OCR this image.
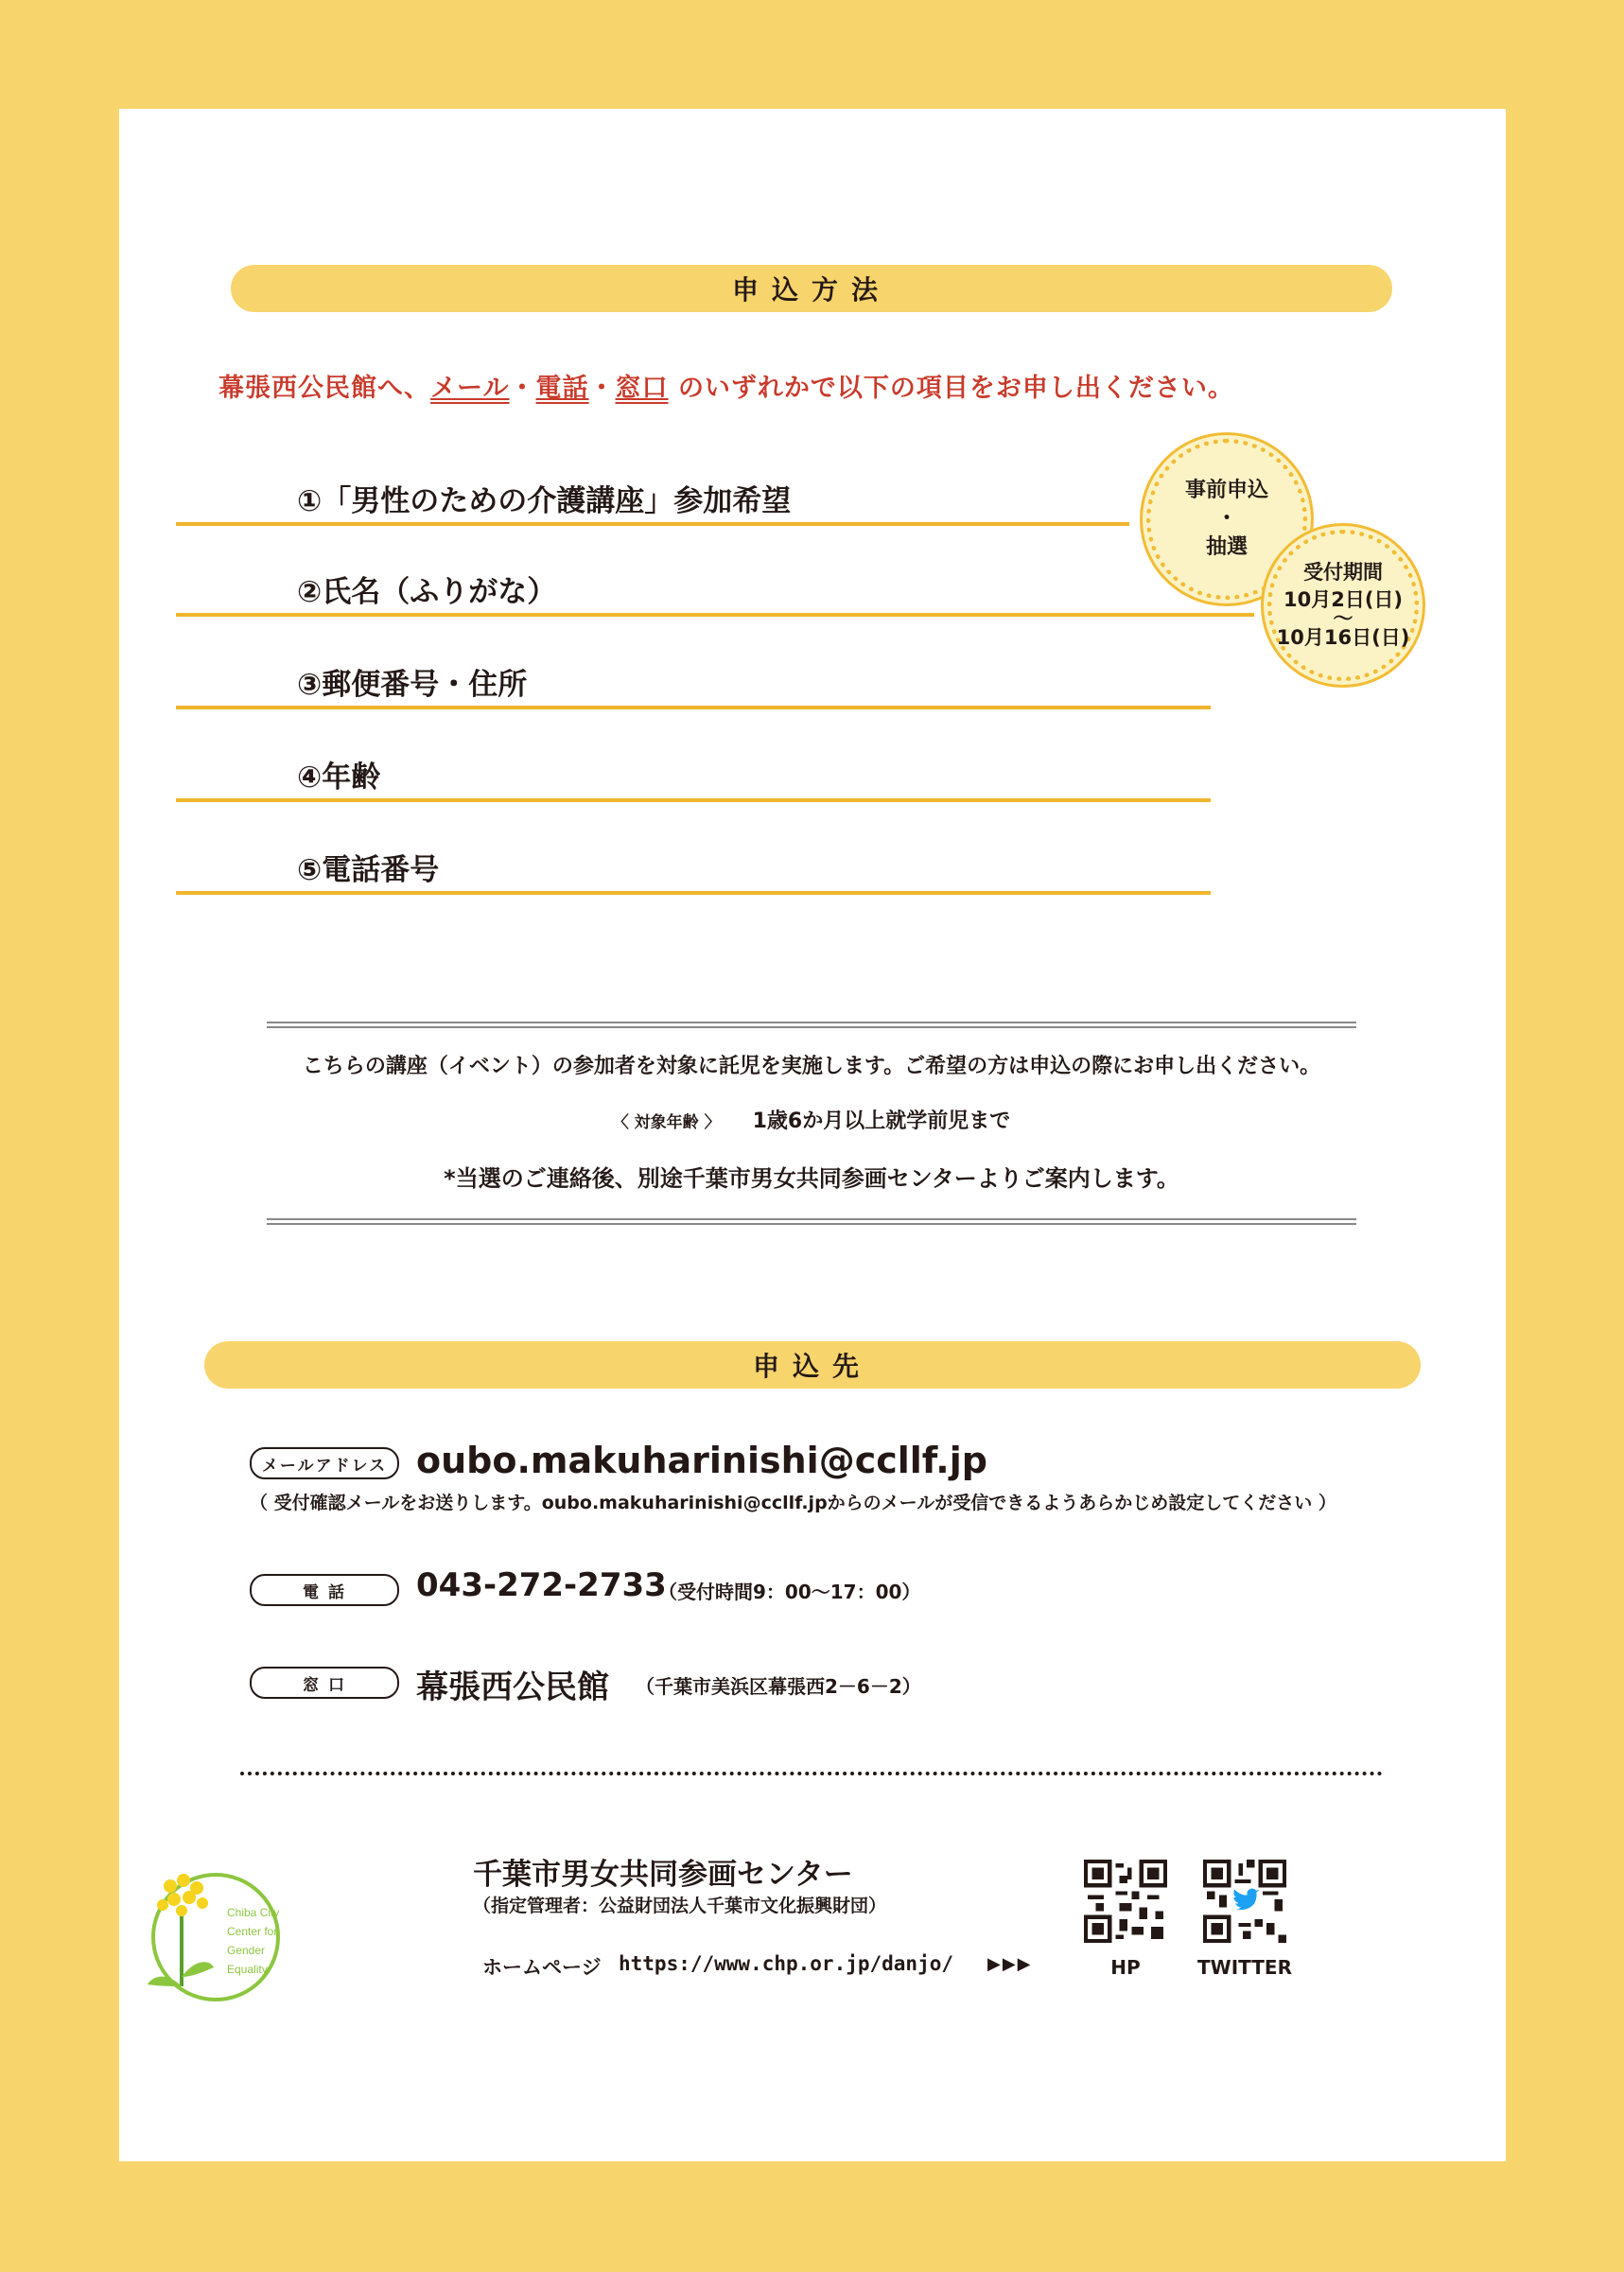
申込方法
幕張西公民館へ、メール・電話・窓口 のいずれかで以下の項目をお申し出ください。
①「男性のための介護講座」参加希望
②氏名（ふりがな）
③郵便番号・住所
④年齢
⑤電話番号
事前申込
・
抽選
受付期間
10月2日(日)
〜
10月16日(日)
こちらの講座（イベント）の参加者を対象に託児を実施します。ご希望の方は申込の際にお申し出ください。
〈 対象年齢 〉 1歳6か月以上就学前児まで
*当選のご連絡後、別途千葉市男女共同参画センターよりご案内します。
申込先
メールアドレス oubo.makuharinishi@ccllf.jp
（ 受付確認メールをお送りします。oubo.makuharinishi@ccllf.jpからのメールが受信できるようあらかじめ設定してください ）
電 話	043-272-2733
（受付時間9：00〜17：00）
窓 口	幕張西公民館 （千葉市美浜区幕張西2－6－2）
Chiba City
Center for
Gender
Equality
千葉市男女共同参画センター
（指定管理者：公益財団法人千葉市文化振興財団）
ホームページ https://www.chp.or.jp/danjo/ ▶▶▶	HP	TWITTER
